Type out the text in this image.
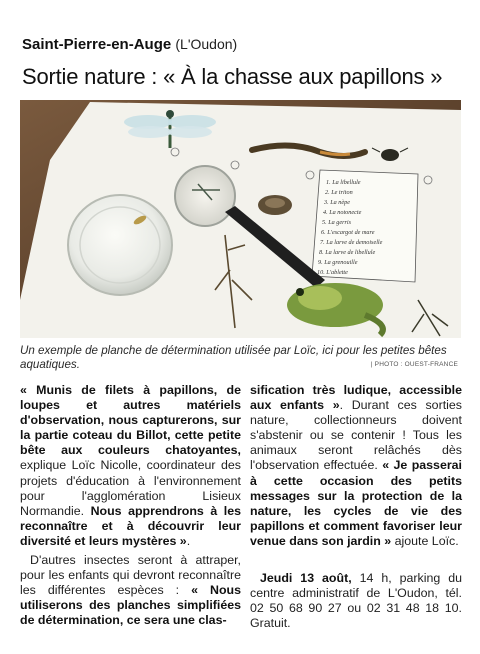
Saint-Pierre-en-Auge (L'Oudon)
Sortie nature : « À la chasse aux papillons »
1. La libellule
2. Le triton
3. La nèpe
4. La notonecte
5. La gerris
6. L'escargot de mare
7. La larve de demoiselle
8. La larve de libellule
9. La grenouille
10. L'ablette
Un exemple de planche de détermination utilisée par Loïc, ici pour les petites bêtes aquatiques.	| PHOTO : OUEST-FRANCE

« Munis de filets à papillons, de loupes et autres matériels d'observation, nous capturerons, sur la partie coteau du Billot, cette petite bête aux couleurs chatoyantes, explique Loïc Nicolle, coordinateur des projets d'éducation à l'environnement pour l'agglomération Lisieux Normandie. Nous apprendrons à les reconnaître et à découvrir leur diversité et leurs mystères ».

D'autres insectes seront à attraper, pour les enfants qui devront reconnaître les différentes espèces : « Nous utiliserons des planches simplifiées de détermination, ce sera une clas-

sification très ludique, accessible aux enfants ». Durant ces sorties nature, collectionneurs doivent s'abstenir ou se contenir ! Tous les animaux seront relâchés dès l'observation effectuée. « Je passerai à cette occasion des petits messages sur la protection de la nature, les cycles de vie des papillons et comment favoriser leur venue dans son jardin » ajoute Loïc.

Jeudi 13 août, 14 h, parking du centre administratif de L'Oudon, tél. 02 50 68 90 27 ou 02 31 48 18 10. Gratuit.
